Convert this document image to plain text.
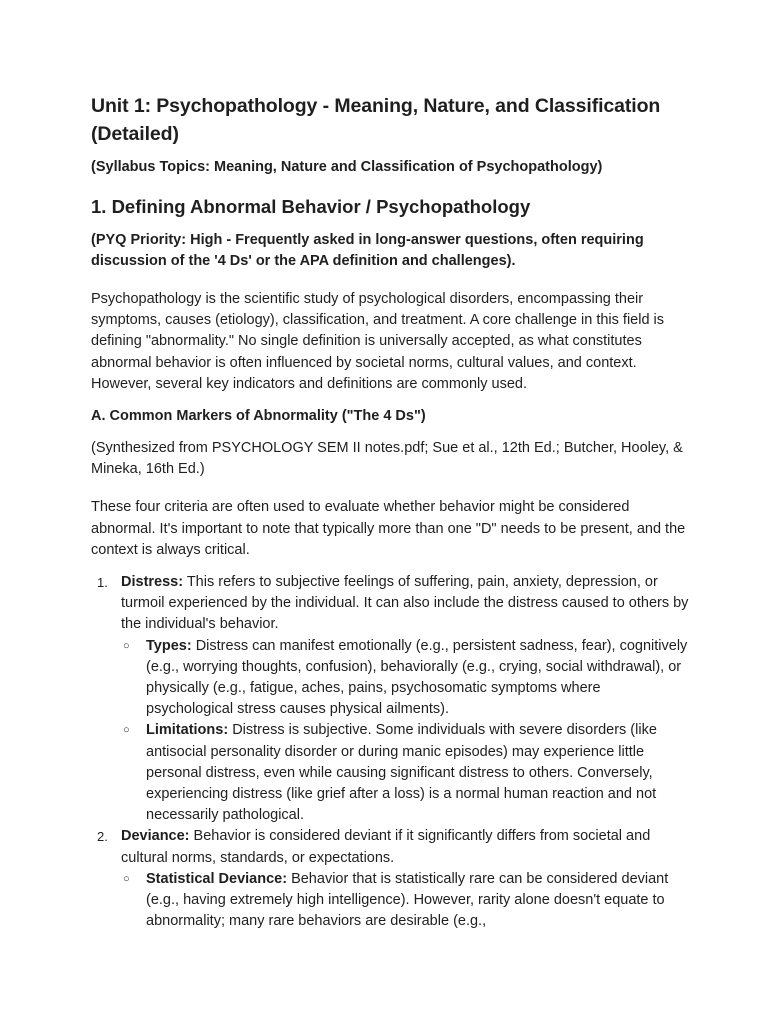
Unit 1: Psychopathology - Meaning, Nature, and Classification (Detailed)
(Syllabus Topics: Meaning, Nature and Classification of Psychopathology)
1. Defining Abnormal Behavior / Psychopathology
(PYQ Priority: High - Frequently asked in long-answer questions, often requiring discussion of the '4 Ds' or the APA definition and challenges).
Psychopathology is the scientific study of psychological disorders, encompassing their symptoms, causes (etiology), classification, and treatment. A core challenge in this field is defining "abnormality." No single definition is universally accepted, as what constitutes abnormal behavior is often influenced by societal norms, cultural values, and context. However, several key indicators and definitions are commonly used.
A. Common Markers of Abnormality ("The 4 Ds")
(Synthesized from PSYCHOLOGY SEM II notes.pdf; Sue et al., 12th Ed.; Butcher, Hooley, & Mineka, 16th Ed.)
These four criteria are often used to evaluate whether behavior might be considered abnormal. It's important to note that typically more than one "D" needs to be present, and the context is always critical.
1. Distress: This refers to subjective feelings of suffering, pain, anxiety, depression, or turmoil experienced by the individual. It can also include the distress caused to others by the individual's behavior.
○ Types: Distress can manifest emotionally (e.g., persistent sadness, fear), cognitively (e.g., worrying thoughts, confusion), behaviorally (e.g., crying, social withdrawal), or physically (e.g., fatigue, aches, pains, psychosomatic symptoms where psychological stress causes physical ailments).
○ Limitations: Distress is subjective. Some individuals with severe disorders (like antisocial personality disorder or during manic episodes) may experience little personal distress, even while causing significant distress to others. Conversely, experiencing distress (like grief after a loss) is a normal human reaction and not necessarily pathological.
2. Deviance: Behavior is considered deviant if it significantly differs from societal and cultural norms, standards, or expectations.
○ Statistical Deviance: Behavior that is statistically rare can be considered deviant (e.g., having extremely high intelligence). However, rarity alone doesn't equate to abnormality; many rare behaviors are desirable (e.g.,
